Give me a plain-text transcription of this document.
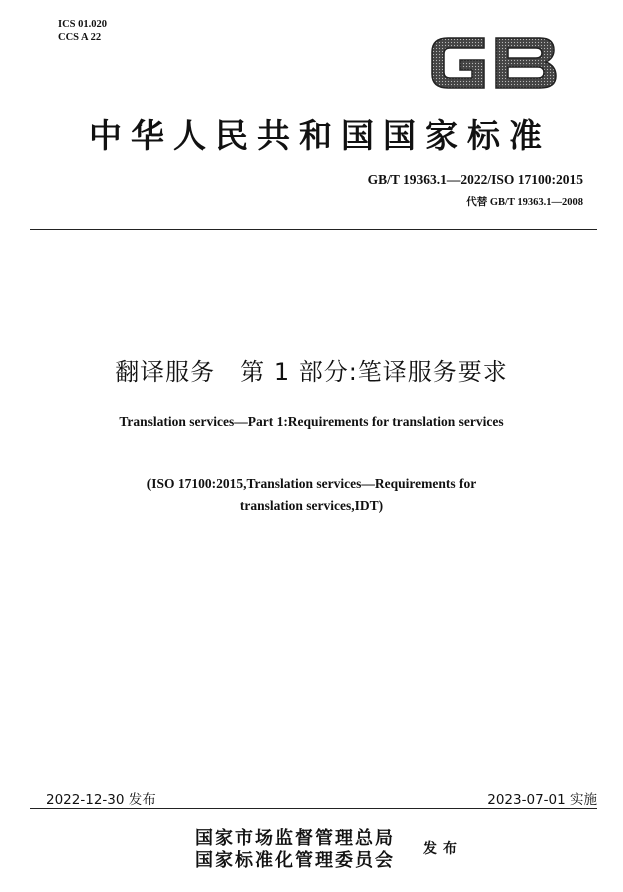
ICS 01.020
CCS A 22
中华人民共和国国家标准
GB/T 19363.1—2022/ISO 17100:2015
代替 GB/T 19363.1—2008
翻译服务　第 1 部分:笔译服务要求
Translation services—Part 1:Requirements for translation services
(ISO 17100:2015,Translation services—Requirements for
translation services,IDT)
2022-12-30 发布	2023-07-01 实施
国家市场监督管理总局
国家标准化管理委员会
发布
